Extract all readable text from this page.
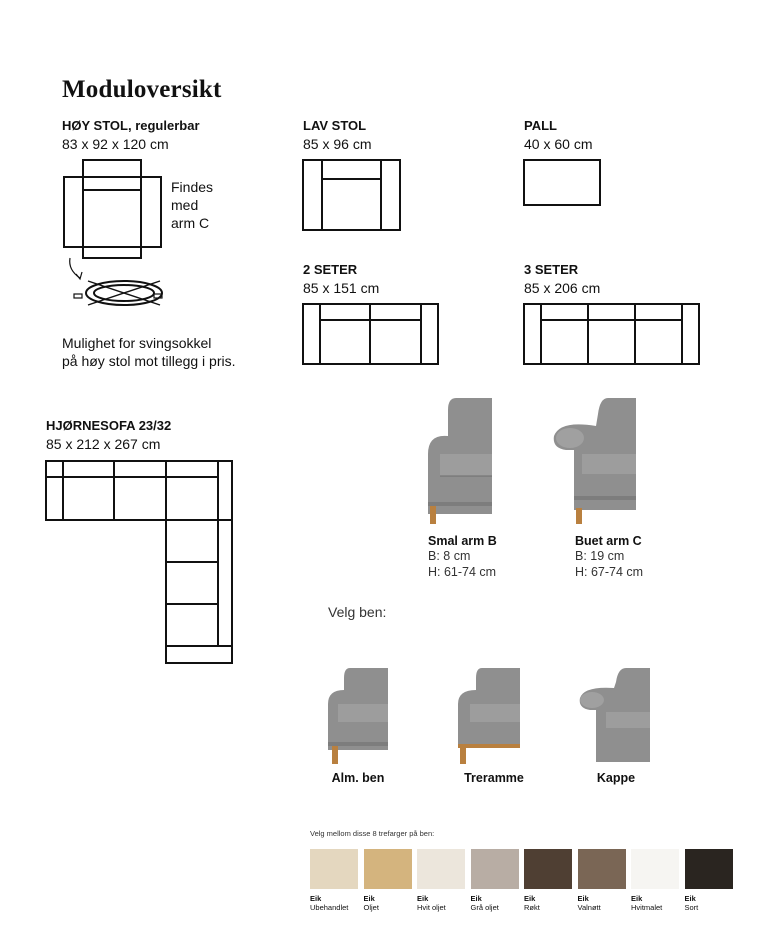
Moduloversikt
HØY STOL, regulerbar
83 x 92 x 120 cm
Findes
med
arm C
Mulighet for svingsokkel
på høy stol mot tillegg i pris.
LAV STOL
85 x 96 cm
PALL
40 x 60 cm
2 SETER
85 x 151 cm
3 SETER
85 x 206 cm
HJØRNESOFA 23/32
85 x 212 x 267 cm
Smal arm B
B: 8 cm
H: 61-74 cm
Buet arm C
B: 19 cm
H: 67-74 cm
Velg ben:
Alm. ben	Treramme	Kappe
Velg mellom disse 8 trefarger på ben:
Eik
Ubehandlet
Eik
Oljet
Eik
Hvit oljet
Eik
Grå oljet
Eik
Røkt
Eik
Valnøtt
Eik
Hvitmalet
Eik
Sort
